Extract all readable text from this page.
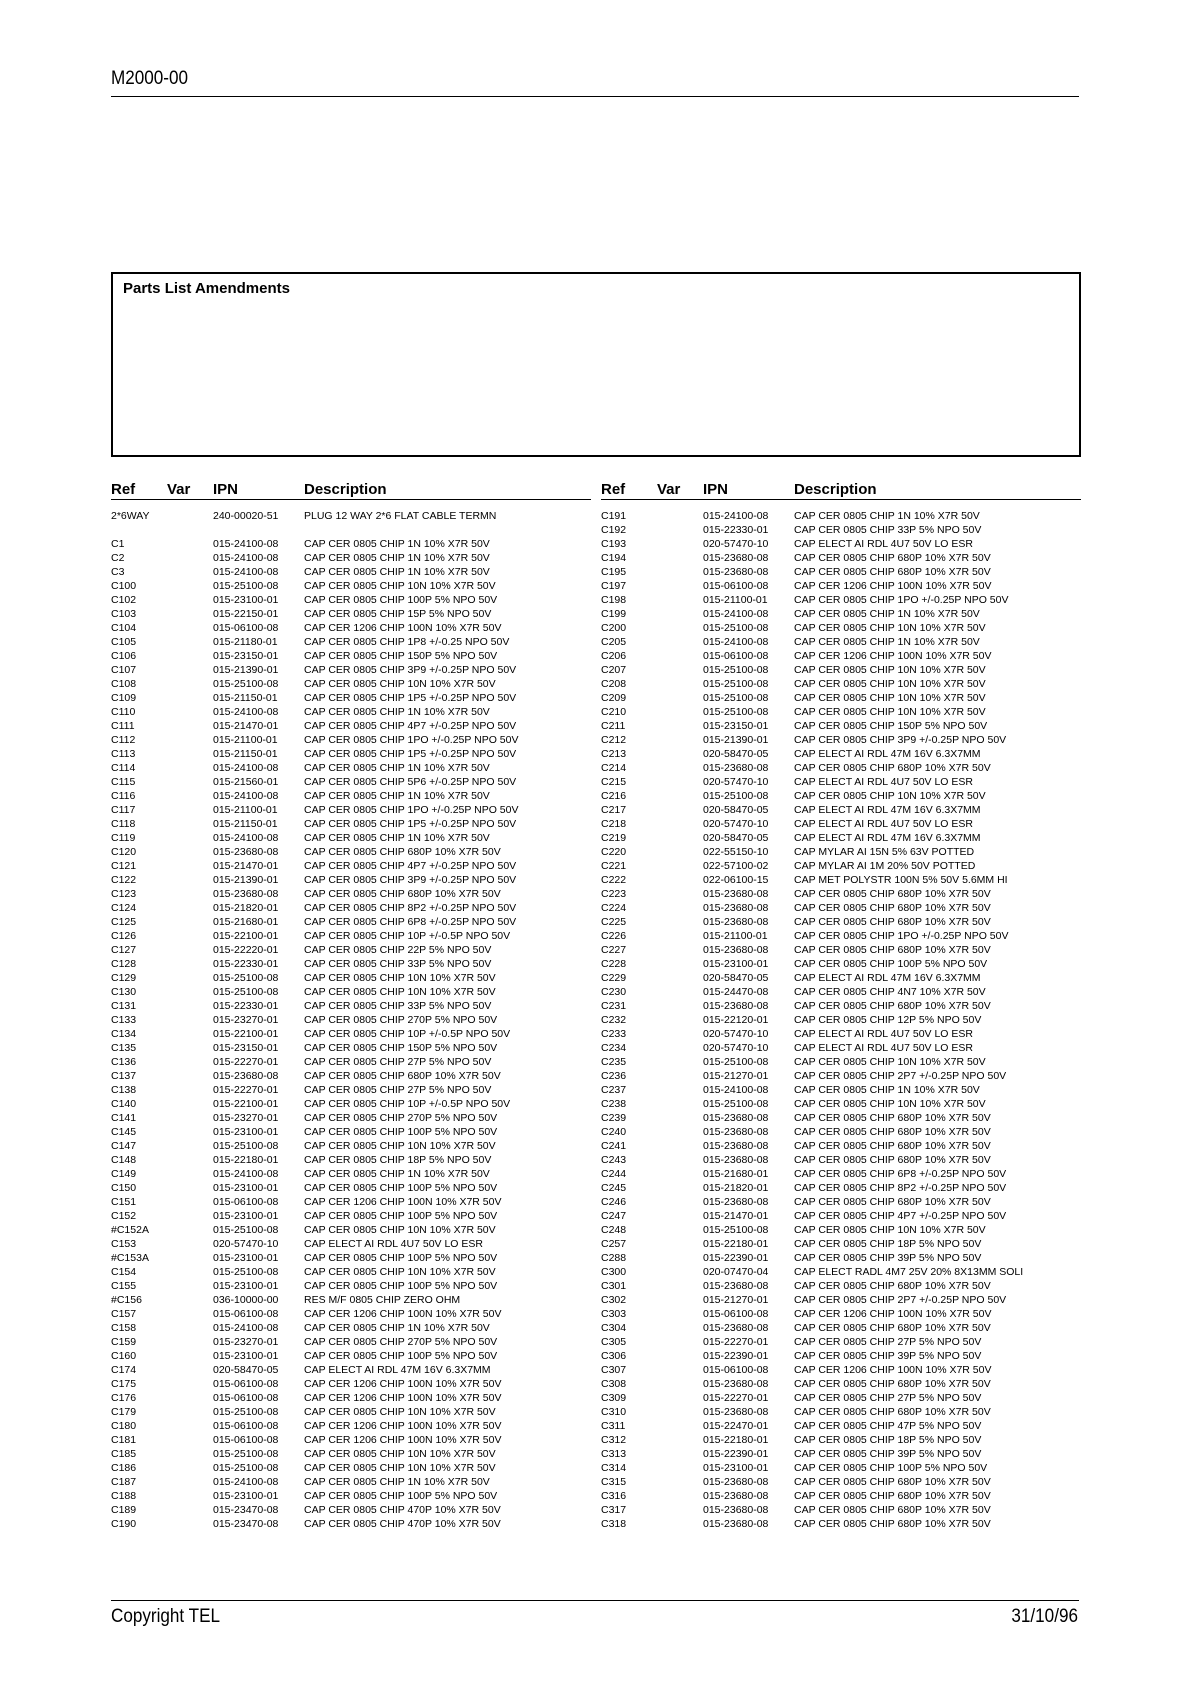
M2000-00
Parts List Amendments
Ref Var IPN	Description
2*6WAY	240-00020-51 PLUG 12 WAY 2*6 FLAT CABLE TERMN
C1	015-24100-08 CAP CER 0805 CHIP 1N 10% X7R 50V
C2	015-24100-08 CAP CER 0805 CHIP 1N 10% X7R 50V
C3	015-24100-08 CAP CER 0805 CHIP 1N 10% X7R 50V
C100	015-25100-08 CAP CER 0805 CHIP 10N 10% X7R 50V
C102	015-23100-01 CAP CER 0805 CHIP 100P 5% NPO 50V
C103	015-22150-01 CAP CER 0805 CHIP 15P 5% NPO 50V
C104	015-06100-08 CAP CER 1206 CHIP 100N 10% X7R 50V
C105	015-21180-01	CAP CER 0805 CHIP 1P8 +/-0.25 NPO 50V
C106	015-23150-01 CAP CER 0805 CHIP 150P 5% NPO 50V
C107	015-21390-01 CAP CER 0805 CHIP 3P9 +/-0.25P NPO 50V
C108	015-25100-08 CAP CER 0805 CHIP 10N 10% X7R 50V
C109	015-21150-01	CAP CER 0805 CHIP 1P5 +/-0.25P NPO 50V
C110	015-24100-08 CAP CER 0805 CHIP 1N 10% X7R 50V
C111	015-21470-01 CAP CER 0805 CHIP 4P7 +/-0.25P NPO 50V
C112	015-21100-01	CAP CER 0805 CHIP 1PO +/-0.25P NPO 50V
C113	015-21150-01	CAP CER 0805 CHIP 1P5 +/-0.25P NPO 50V
C114	015-24100-08 CAP CER 0805 CHIP 1N 10% X7R 50V
C115	015-21560-01 CAP CER 0805 CHIP 5P6 +/-0.25P NPO 50V
C116	015-24100-08 CAP CER 0805 CHIP 1N 10% X7R 50V
C117	015-21100-01	CAP CER 0805 CHIP 1PO +/-0.25P NPO 50V
C118	015-21150-01	CAP CER 0805 CHIP 1P5 +/-0.25P NPO 50V
C119	015-24100-08 CAP CER 0805 CHIP 1N 10% X7R 50V
C120	015-23680-08 CAP CER 0805 CHIP 680P 10% X7R 50V
C121	015-21470-01 CAP CER 0805 CHIP 4P7 +/-0.25P NPO 50V
C122	015-21390-01 CAP CER 0805 CHIP 3P9 +/-0.25P NPO 50V
C123	015-23680-08 CAP CER 0805 CHIP 680P 10% X7R 50V
C124	015-21820-01 CAP CER 0805 CHIP 8P2 +/-0.25P NPO 50V
C125	015-21680-01 CAP CER 0805 CHIP 6P8 +/-0.25P NPO 50V
C126	015-22100-01 CAP CER 0805 CHIP 10P +/-0.5P NPO 50V
C127	015-22220-01 CAP CER 0805 CHIP 22P 5% NPO 50V
C128	015-22330-01 CAP CER 0805 CHIP 33P 5% NPO 50V
C129	015-25100-08 CAP CER 0805 CHIP 10N 10% X7R 50V
C130	015-25100-08 CAP CER 0805 CHIP 10N 10% X7R 50V
C131	015-22330-01 CAP CER 0805 CHIP 33P 5% NPO 50V
C133	015-23270-01 CAP CER 0805 CHIP 270P 5% NPO 50V
C134	015-22100-01 CAP CER 0805 CHIP 10P +/-0.5P NPO 50V
C135	015-23150-01 CAP CER 0805 CHIP 150P 5% NPO 50V
C136	015-22270-01 CAP CER 0805 CHIP 27P 5% NPO 50V
C137	015-23680-08 CAP CER 0805 CHIP 680P 10% X7R 50V
C138	015-22270-01 CAP CER 0805 CHIP 27P 5% NPO 50V
C140	015-22100-01 CAP CER 0805 CHIP 10P +/-0.5P NPO 50V
C141	015-23270-01 CAP CER 0805 CHIP 270P 5% NPO 50V
C145	015-23100-01 CAP CER 0805 CHIP 100P 5% NPO 50V
C147	015-25100-08 CAP CER 0805 CHIP 10N 10% X7R 50V
C148	015-22180-01 CAP CER 0805 CHIP 18P 5% NPO 50V
C149	015-24100-08 CAP CER 0805 CHIP 1N 10% X7R 50V
C150	015-23100-01 CAP CER 0805 CHIP 100P 5% NPO 50V
C151	015-06100-08 CAP CER 1206 CHIP 100N 10% X7R 50V
C152	015-23100-01 CAP CER 0805 CHIP 100P 5% NPO 50V
#C152A	015-25100-08 CAP CER 0805 CHIP 10N 10% X7R 50V
C153	020-57470-10 CAP ELECT AI RDL 4U7 50V LO ESR
#C153A	015-23100-01 CAP CER 0805 CHIP 100P 5% NPO 50V
C154	015-25100-08 CAP CER 0805 CHIP 10N 10% X7R 50V
C155	015-23100-01 CAP CER 0805 CHIP 100P 5% NPO 50V
#C156	036-10000-00 RES M/F 0805 CHIP ZERO OHM
C157	015-06100-08 CAP CER 1206 CHIP 100N 10% X7R 50V
C158	015-24100-08 CAP CER 0805 CHIP 1N 10% X7R 50V
C159	015-23270-01 CAP CER 0805 CHIP 270P 5% NPO 50V
C160	015-23100-01 CAP CER 0805 CHIP 100P 5% NPO 50V
C174	020-58470-05 CAP ELECT AI RDL 47M 16V 6.3X7MM
C175	015-06100-08 CAP CER 1206 CHIP 100N 10% X7R 50V
C176	015-06100-08 CAP CER 1206 CHIP 100N 10% X7R 50V
C179	015-25100-08 CAP CER 0805 CHIP 10N 10% X7R 50V
C180	015-06100-08 CAP CER 1206 CHIP 100N 10% X7R 50V
C181	015-06100-08 CAP CER 1206 CHIP 100N 10% X7R 50V
C185	015-25100-08 CAP CER 0805 CHIP 10N 10% X7R 50V
C186	015-25100-08 CAP CER 0805 CHIP 10N 10% X7R 50V
C187	015-24100-08 CAP CER 0805 CHIP 1N 10% X7R 50V
C188	015-23100-01 CAP CER 0805 CHIP 100P 5% NPO 50V
C189	015-23470-08 CAP CER 0805 CHIP 470P 10% X7R 50V
C190	015-23470-08 CAP CER 0805 CHIP 470P 10% X7R 50V
Ref Var IPN	Description
C191	015-24100-08 CAP CER 0805 CHIP 1N 10% X7R 50V
C192	015-22330-01 CAP CER 0805 CHIP 33P 5% NPO 50V
C193	020-57470-10 CAP ELECT AI RDL 4U7 50V LO ESR
C194	015-23680-08 CAP CER 0805 CHIP 680P 10% X7R 50V
C195	015-23680-08 CAP CER 0805 CHIP 680P 10% X7R 50V
C197	015-06100-08 CAP CER 1206 CHIP 100N 10% X7R 50V
C198	015-21100-01	CAP CER 0805 CHIP 1PO +/-0.25P NPO 50V
C199	015-24100-08 CAP CER 0805 CHIP 1N 10% X7R 50V
C200	015-25100-08 CAP CER 0805 CHIP 10N 10% X7R 50V
C205	015-24100-08 CAP CER 0805 CHIP 1N 10% X7R 50V
C206	015-06100-08 CAP CER 1206 CHIP 100N 10% X7R 50V
C207	015-25100-08 CAP CER 0805 CHIP 10N 10% X7R 50V
C208	015-25100-08 CAP CER 0805 CHIP 10N 10% X7R 50V
C209	015-25100-08 CAP CER 0805 CHIP 10N 10% X7R 50V
C210	015-25100-08 CAP CER 0805 CHIP 10N 10% X7R 50V
C211	015-23150-01 CAP CER 0805 CHIP 150P 5% NPO 50V
C212	015-21390-01 CAP CER 0805 CHIP 3P9 +/-0.25P NPO 50V
C213	020-58470-05 CAP ELECT AI RDL 47M 16V 6.3X7MM
C214	015-23680-08 CAP CER 0805 CHIP 680P 10% X7R 50V
C215	020-57470-10 CAP ELECT AI RDL 4U7 50V LO ESR
C216	015-25100-08 CAP CER 0805 CHIP 10N 10% X7R 50V
C217	020-58470-05 CAP ELECT AI RDL 47M 16V 6.3X7MM
C218	020-57470-10 CAP ELECT AI RDL 4U7 50V LO ESR
C219	020-58470-05 CAP ELECT AI RDL 47M 16V 6.3X7MM
C220	022-55150-10 CAP MYLAR AI 15N 5% 63V POTTED
C221	022-57100-02 CAP MYLAR AI 1M 20% 50V POTTED
C222	022-06100-15 CAP MET POLYSTR 100N 5% 50V 5.6MM HI
C223	015-23680-08 CAP CER 0805 CHIP 680P 10% X7R 50V
C224	015-23680-08 CAP CER 0805 CHIP 680P 10% X7R 50V
C225	015-23680-08 CAP CER 0805 CHIP 680P 10% X7R 50V
C226	015-21100-01	CAP CER 0805 CHIP 1PO +/-0.25P NPO 50V
C227	015-23680-08 CAP CER 0805 CHIP 680P 10% X7R 50V
C228	015-23100-01 CAP CER 0805 CHIP 100P 5% NPO 50V
C229	020-58470-05 CAP ELECT AI RDL 47M 16V 6.3X7MM
C230	015-24470-08 CAP CER 0805 CHIP 4N7 10% X7R 50V
C231	015-23680-08 CAP CER 0805 CHIP 680P 10% X7R 50V
C232	015-22120-01 CAP CER 0805 CHIP 12P 5% NPO 50V
C233	020-57470-10 CAP ELECT AI RDL 4U7 50V LO ESR
C234	020-57470-10 CAP ELECT AI RDL 4U7 50V LO ESR
C235	015-25100-08 CAP CER 0805 CHIP 10N 10% X7R 50V
C236	015-21270-01 CAP CER 0805 CHIP 2P7 +/-0.25P NPO 50V
C237	015-24100-08 CAP CER 0805 CHIP 1N 10% X7R 50V
C238	015-25100-08 CAP CER 0805 CHIP 10N 10% X7R 50V
C239	015-23680-08 CAP CER 0805 CHIP 680P 10% X7R 50V
C240	015-23680-08 CAP CER 0805 CHIP 680P 10% X7R 50V
C241	015-23680-08 CAP CER 0805 CHIP 680P 10% X7R 50V
C243	015-23680-08 CAP CER 0805 CHIP 680P 10% X7R 50V
C244	015-21680-01 CAP CER 0805 CHIP 6P8 +/-0.25P NPO 50V
C245	015-21820-01 CAP CER 0805 CHIP 8P2 +/-0.25P NPO 50V
C246	015-23680-08 CAP CER 0805 CHIP 680P 10% X7R 50V
C247	015-21470-01 CAP CER 0805 CHIP 4P7 +/-0.25P NPO 50V
C248	015-25100-08 CAP CER 0805 CHIP 10N 10% X7R 50V
C257	015-22180-01 CAP CER 0805 CHIP 18P 5% NPO 50V
C288	015-22390-01 CAP CER 0805 CHIP 39P 5% NPO 50V
C300	020-07470-04 CAP ELECT RADL 4M7 25V 20% 8X13MM SOLI
C301	015-23680-08 CAP CER 0805 CHIP 680P 10% X7R 50V
C302	015-21270-01 CAP CER 0805 CHIP 2P7 +/-0.25P NPO 50V
C303	015-06100-08 CAP CER 1206 CHIP 100N 10% X7R 50V
C304	015-23680-08 CAP CER 0805 CHIP 680P 10% X7R 50V
C305	015-22270-01 CAP CER 0805 CHIP 27P 5% NPO 50V
C306	015-22390-01 CAP CER 0805 CHIP 39P 5% NPO 50V
C307	015-06100-08 CAP CER 1206 CHIP 100N 10% X7R 50V
C308	015-23680-08 CAP CER 0805 CHIP 680P 10% X7R 50V
C309	015-22270-01 CAP CER 0805 CHIP 27P 5% NPO 50V
C310	015-23680-08 CAP CER 0805 CHIP 680P 10% X7R 50V
C311	015-22470-01 CAP CER 0805 CHIP 47P 5% NPO 50V
C312	015-22180-01 CAP CER 0805 CHIP 18P 5% NPO 50V
C313	015-22390-01 CAP CER 0805 CHIP 39P 5% NPO 50V
C314	015-23100-01 CAP CER 0805 CHIP 100P 5% NPO 50V
C315	015-23680-08 CAP CER 0805 CHIP 680P 10% X7R 50V
C316	015-23680-08 CAP CER 0805 CHIP 680P 10% X7R 50V
C317	015-23680-08 CAP CER 0805 CHIP 680P 10% X7R 50V
C318	015-23680-08 CAP CER 0805 CHIP 680P 10% X7R 50V
Copyright TEL	31/10/96
